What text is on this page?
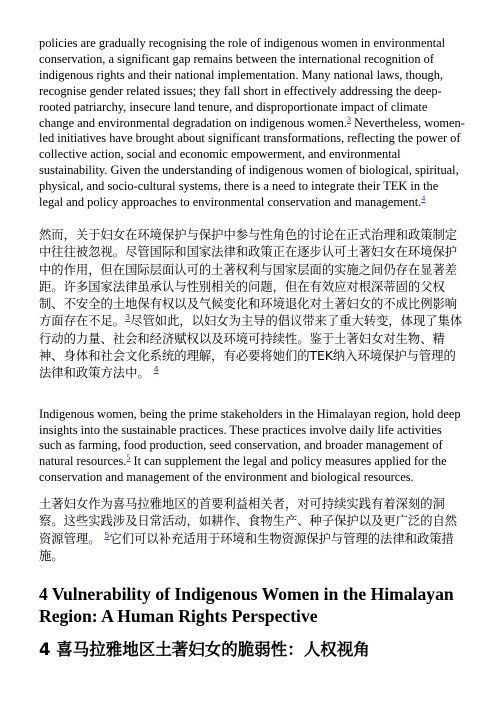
policies are gradually recognising the role of indigenous women in environmental conservation, a significant gap remains between the international recognition of indigenous rights and their national implementation. Many national laws, though, recognise gender related issues; they fall short in effectively addressing the deep-rooted patriarchy, insecure land tenure, and disproportionate impact of climate change and environmental degradation on indigenous women.$^3$ Nevertheless, women-led initiatives have brought about significant transformations, reflecting the power of collective action, social and economic empowerment, and environmental sustainability. Given the understanding of indigenous women of biological, spiritual, physical, and socio-cultural systems, there is a need to integrate their TEK in the legal and policy approaches to environmental conservation and management.$^4$

然而，关于妇女在环境保护与保护中参与性角色的讨论在正式治理和政策制定中往往被忽视。尽管国际和国家法律和政策正在逐步认可土著妇女在环境保护中的作用，但在国际层面认可的土著权利与国家层面的实施之间仍存在显著差距。许多国家法律虽承认与性别相关的问题，但在有效应对根深蒂固的父权制、不安全的土地保有权以及气候变化和环境退化对土著妇女的不成比例影响方面存在不足。$^3$尽管如此，以妇女为主导的倡议带来了重大转变，体现了集体行动的力量、社会和经济赋权以及环境可持续性。鉴于土著妇女对生物、精神、身体和社会文化系统的理解，有必要将她们的TEK纳入环境保护与管理的法律和政策方法中。 $^4$

Indigenous women, being the prime stakeholders in the Himalayan region, hold deep insights into the sustainable practices. These practices involve daily life activities such as farming, food production, seed conservation, and broader management of natural resources.$^5$ It can supplement the legal and policy measures applied for the conservation and management of the environment and biological resources.

土著妇女作为喜马拉雅地区的首要利益相关者，对可持续实践有着深刻的洞察。这些实践涉及日常活动，如耕作、食物生产、种子保护以及更广泛的自然资源管理。 $^5$它们可以补充适用于环境和生物资源保护与管理的法律和政策措施。

4 Vulnerability of Indigenous Women in the Himalayan Region: A Human Rights Perspective
4 喜马拉雅地区土著妇女的脆弱性：人权视角
